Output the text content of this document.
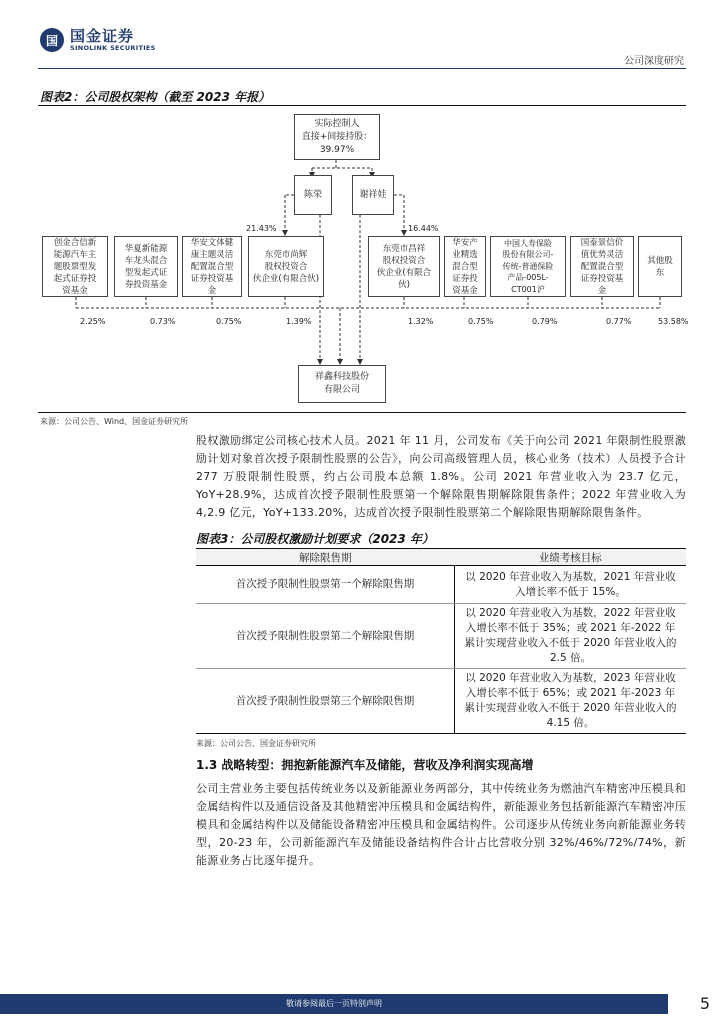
国 国金证券
SINOLINK SECURITIES
公司深度研究
图表2：公司股权架构（截至 2023 年报）
实际控制人
直接+间接持股：
39.97%
陈荣	谢祥娃
21.43%	16.44%
创金合信新
能源汽车主
题股票型发
起式证券投
资基金
华夏新能源
车龙头混合
型发起式证
券投资基金
华安文体健
康主题灵活
配置混合型
证券投资基
金
东莞市尚辉
股权投资合
伙企业(有限合伙)
东莞市昌祥
股权投资合
伙企业(有限合伙)
华安产
业精选
混合型
证券投
资基金
中国人寿保险
股份有限公司-
传统-普通保险
产品-005L-
CT001沪
国泰景信价
值优势灵活
配置混合型
证券投资基
金
其他股
东
2.25%	0.73%	0.75%	1.39%	1.32%	0.75%	0.79%	0.77%	53.58%
祥鑫科技股份
有限公司
来源：公司公告、Wind、国金证券研究所
股权激励绑定公司核心技术人员。2021 年 11 月，公司发布《关于向公司 2021 年限制性股票激励计划对象首次授予限制性股票的公告》，向公司高级管理人员，核心业务（技术）人员授予合计 277 万股限制性股票，约占公司股本总额 1.8%。公司 2021 年营业收入为 23.7 亿元，YoY+28.9%，达成首次授予限制性股票第一个解除限售期解除限售条件；2022 年营业收入为 4,2.9 亿元，YoY+133.20%，达成首次授予限制性股票第二个解除限售期解除限售条件。
图表3：公司股权激励计划要求（2023 年）
解除限售期	业绩考核目标
首次授予限制性股票第一个解除限售期	以 2020 年营业收入为基数，2021 年营业收入增长率不低于 15%。
首次授予限制性股票第二个解除限售期	以 2020 年营业收入为基数，2022 年营业收入增长率不低于 35%；或 2021 年-2022 年累计实现营业收入不低于 2020 年营业收入的 2.5 倍。
首次授予限制性股票第三个解除限售期	以 2020 年营业收入为基数，2023 年营业收入增长率不低于 65%；或 2021 年-2023 年累计实现营业收入不低于 2020 年营业收入的 4.15 倍。
来源：公司公告、国金证券研究所
1.3 战略转型：拥抱新能源汽车及储能，营收及净利润实现高增
公司主营业务主要包括传统业务以及新能源业务两部分，其中传统业务为燃油汽车精密冲压模具和金属结构件以及通信设备及其他精密冲压模具和金属结构件，新能源业务包括新能源汽车精密冲压模具和金属结构件以及储能设备精密冲压模具和金属结构件。公司逐步从传统业务向新能源业务转型，20-23 年，公司新能源汽车及储能设备结构件合计占比营收分别 32%/46%/72%/74%，新能源业务占比逐年提升。
敬请参阅最后一页特别声明	5
